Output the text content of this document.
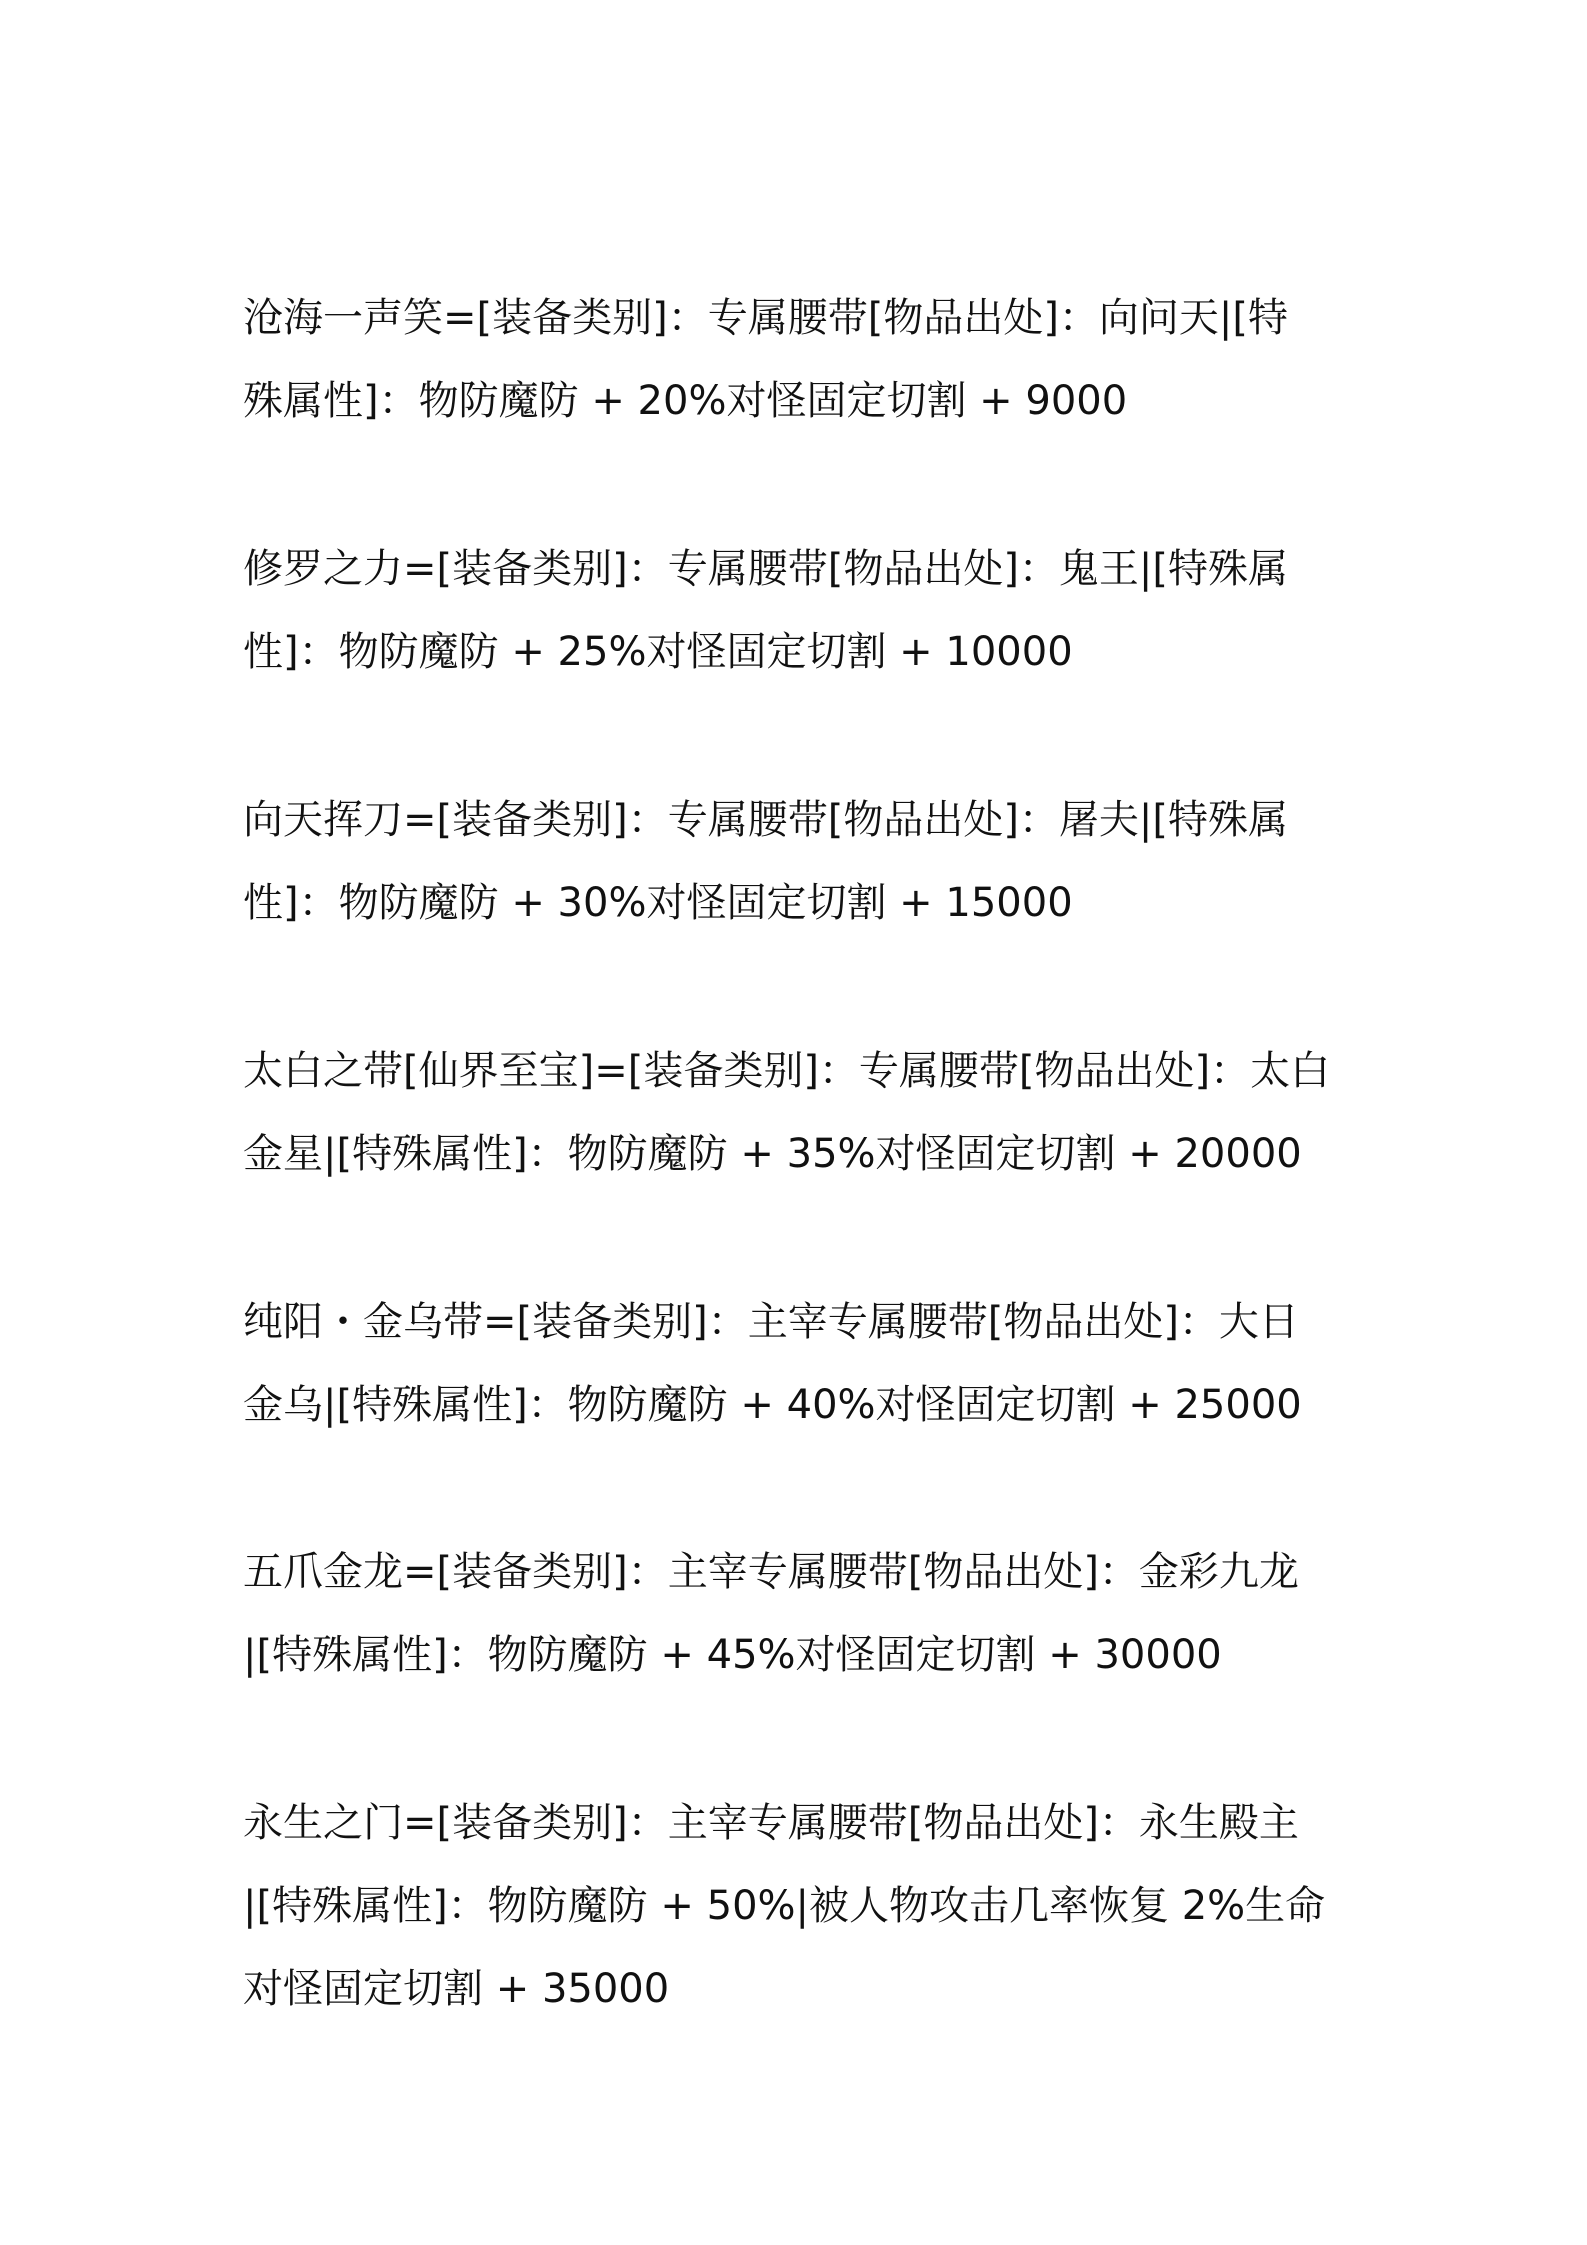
沧海一声笑=[装备类别]：专属腰带[物品出处]：向问天|[特
殊属性]：物防魔防 + 20%对怪固定切割 + 9000

修罗之力=[装备类别]：专属腰带[物品出处]：鬼王|[特殊属
性]：物防魔防 + 25%对怪固定切割 + 10000

向天挥刀=[装备类别]：专属腰带[物品出处]：屠夫|[特殊属
性]：物防魔防 + 30%对怪固定切割 + 15000

太白之带[仙界至宝]=[装备类别]：专属腰带[物品出处]：太白
金星|[特殊属性]：物防魔防 + 35%对怪固定切割 + 20000

纯阳・金乌带=[装备类别]：主宰专属腰带[物品出处]：大日
金乌|[特殊属性]：物防魔防 + 40%对怪固定切割 + 25000

五爪金龙=[装备类别]：主宰专属腰带[物品出处]：金彩九龙
|[特殊属性]：物防魔防 + 45%对怪固定切割 + 30000

永生之门=[装备类别]：主宰专属腰带[物品出处]：永生殿主
|[特殊属性]：物防魔防 + 50%|被人物攻击几率恢复 2%生命
对怪固定切割 + 35000
